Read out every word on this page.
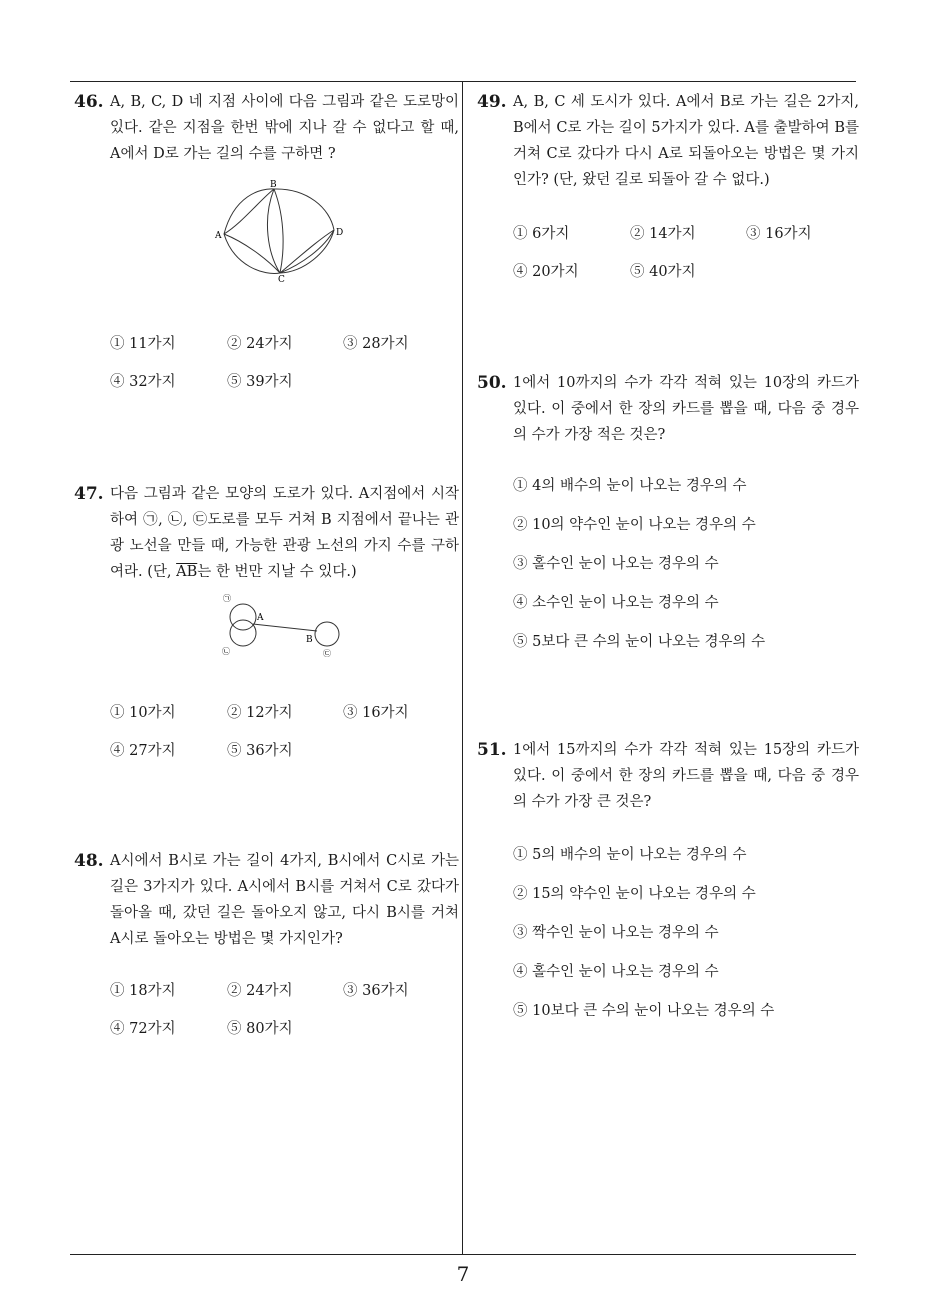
46. A, B, C, D 네 지점 사이에 다음 그림과 같은 도로망이 있다. 같은 지점을 한번 밖에 지나 갈 수 없다고 할 때, A에서 D로 가는 길의 수를 구하면 ?

A
B
C
D
① 11가지	② 24가지	③ 28가지
④ 32가지	⑤ 39가지
47. 다음 그림과 같은 모양의 도로가 있다. A지점에서 시작하여 ㉠, ㉡, ㉢도로를 모두 거쳐 B 지점에서 끝나는 관광 노선을 만들 때, 가능한 관광 노선의 가지 수를 구하여라. (단, $\overline{AB}$는 한 번만 지날 수 있다.)

㉠
A
㉡
B
㉢
① 10가지	② 12가지	③ 16가지
④ 27가지	⑤ 36가지
48. A시에서 B시로 가는 길이 4가지, B시에서 C시로 가는 길은 3가지가 있다. A시에서 B시를 거쳐서 C로 갔다가 돌아올 때, 갔던 길은 돌아오지 않고, 다시 B시를 거쳐 A시로 돌아오는 방법은 몇 가지인가?

① 18가지	② 24가지	③ 36가지
④ 72가지	⑤ 80가지
49. A, B, C 세 도시가 있다. A에서 B로 가는 길은 2가지, B에서 C로 가는 길이 5가지가 있다. A를 출발하여 B를 거쳐 C로 갔다가 다시 A로 되돌아오는 방법은 몇 가지인가? (단, 왔던 길로 되돌아 갈 수 없다.)

① 6가지	② 14가지	③ 16가지
④ 20가지	⑤ 40가지
50. 1에서 10까지의 수가 각각 적혀 있는 10장의 카드가 있다. 이 중에서 한 장의 카드를 뽑을 때, 다음 중 경우의 수가 가장 적은 것은?

① 4의 배수의 눈이 나오는 경우의 수
② 10의 약수인 눈이 나오는 경우의 수
③ 홀수인 눈이 나오는 경우의 수
④ 소수인 눈이 나오는 경우의 수
⑤ 5보다 큰 수의 눈이 나오는 경우의 수
51. 1에서 15까지의 수가 각각 적혀 있는 15장의 카드가 있다. 이 중에서 한 장의 카드를 뽑을 때, 다음 중 경우의 수가 가장 큰 것은?

① 5의 배수의 눈이 나오는 경우의 수
② 15의 약수인 눈이 나오는 경우의 수
③ 짝수인 눈이 나오는 경우의 수
④ 홀수인 눈이 나오는 경우의 수
⑤ 10보다 큰 수의 눈이 나오는 경우의 수
7
